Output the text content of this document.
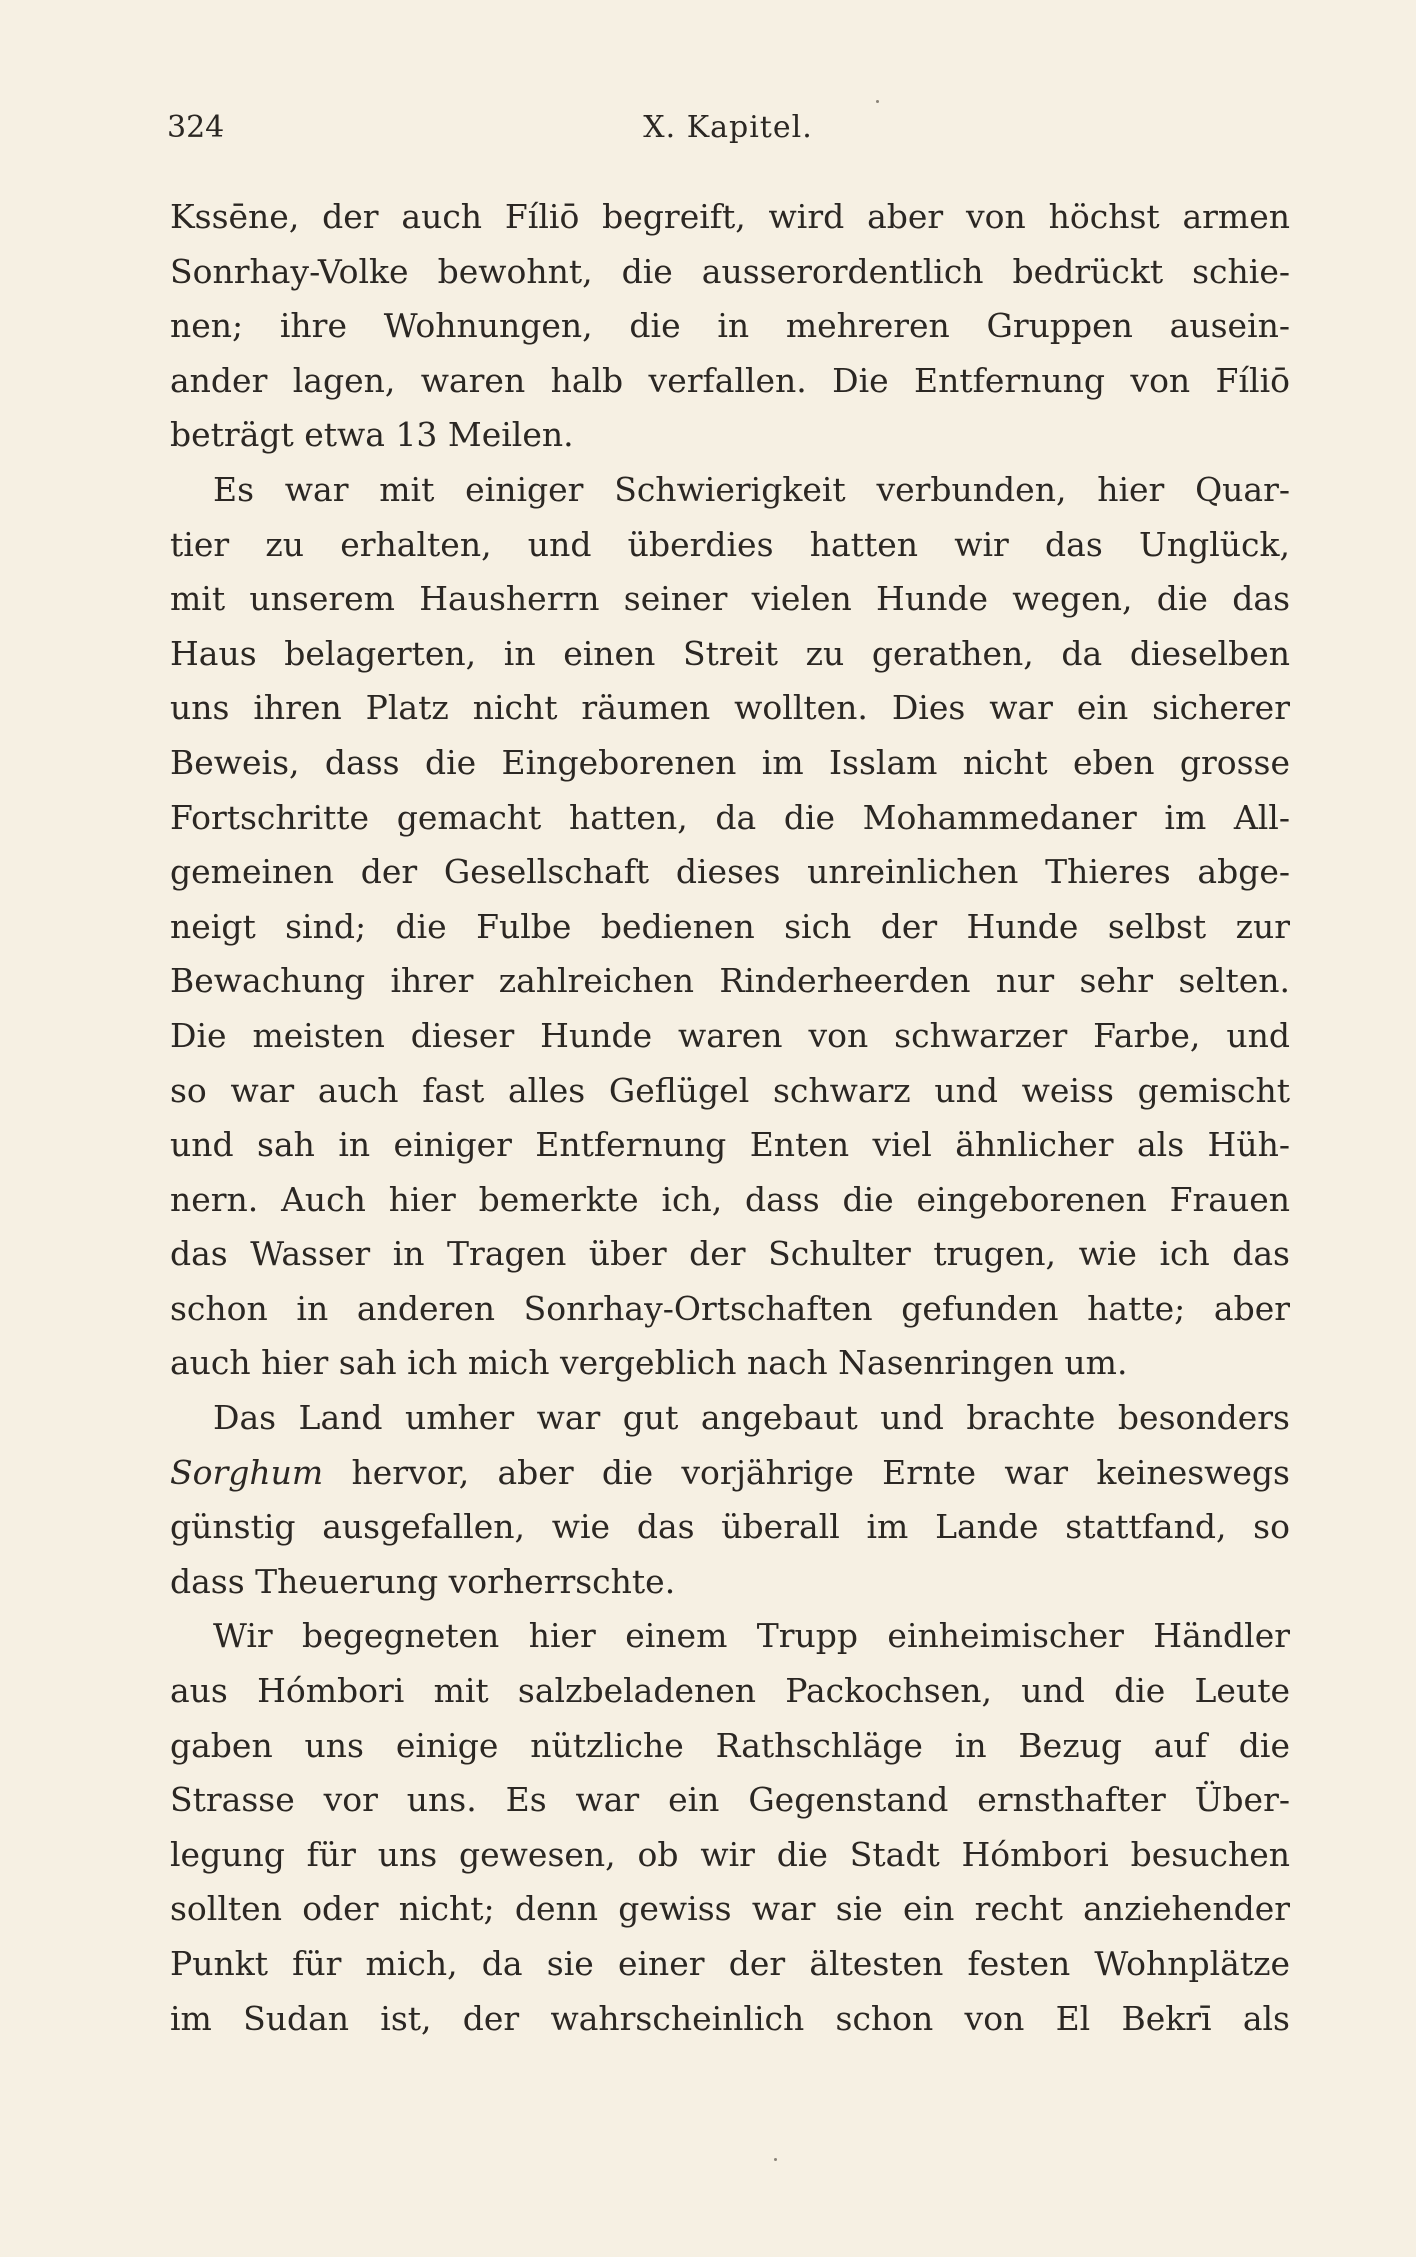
324	X. Kapitel.
Kssēne, der auch Fíliō begreift, wird aber von höchst armen
Sonrhay-Volke bewohnt, die ausserordentlich bedrückt schie-
nen; ihre Wohnungen, die in mehreren Gruppen ausein-
ander lagen, waren halb verfallen. Die Entfernung von Fíliō
beträgt etwa 13 Meilen.
Es war mit einiger Schwierigkeit verbunden, hier Quar-
tier zu erhalten, und überdies hatten wir das Unglück,
mit unserem Hausherrn seiner vielen Hunde wegen, die das
Haus belagerten, in einen Streit zu gerathen, da dieselben
uns ihren Platz nicht räumen wollten. Dies war ein sicherer
Beweis, dass die Eingeborenen im Isslam nicht eben grosse
Fortschritte gemacht hatten, da die Mohammedaner im All-
gemeinen der Gesellschaft dieses unreinlichen Thieres abge-
neigt sind; die Fulbe bedienen sich der Hunde selbst zur
Bewachung ihrer zahlreichen Rinderheerden nur sehr selten.
Die meisten dieser Hunde waren von schwarzer Farbe, und
so war auch fast alles Geflügel schwarz und weiss gemischt
und sah in einiger Entfernung Enten viel ähnlicher als Hüh-
nern. Auch hier bemerkte ich, dass die eingeborenen Frauen
das Wasser in Tragen über der Schulter trugen, wie ich das
schon in anderen Sonrhay-Ortschaften gefunden hatte; aber
auch hier sah ich mich vergeblich nach Nasenringen um.
Das Land umher war gut angebaut und brachte besonders
Sorghum hervor, aber die vorjährige Ernte war keineswegs
günstig ausgefallen, wie das überall im Lande stattfand, so
dass Theuerung vorherrschte.
Wir begegneten hier einem Trupp einheimischer Händler
aus Hómbori mit salzbeladenen Packochsen, und die Leute
gaben uns einige nützliche Rathschläge in Bezug auf die
Strasse vor uns. Es war ein Gegenstand ernsthafter Über-
legung für uns gewesen, ob wir die Stadt Hómbori besuchen
sollten oder nicht; denn gewiss war sie ein recht anziehender
Punkt für mich, da sie einer der ältesten festen Wohnplätze
im Sudan ist, der wahrscheinlich schon von El Bekrī als
